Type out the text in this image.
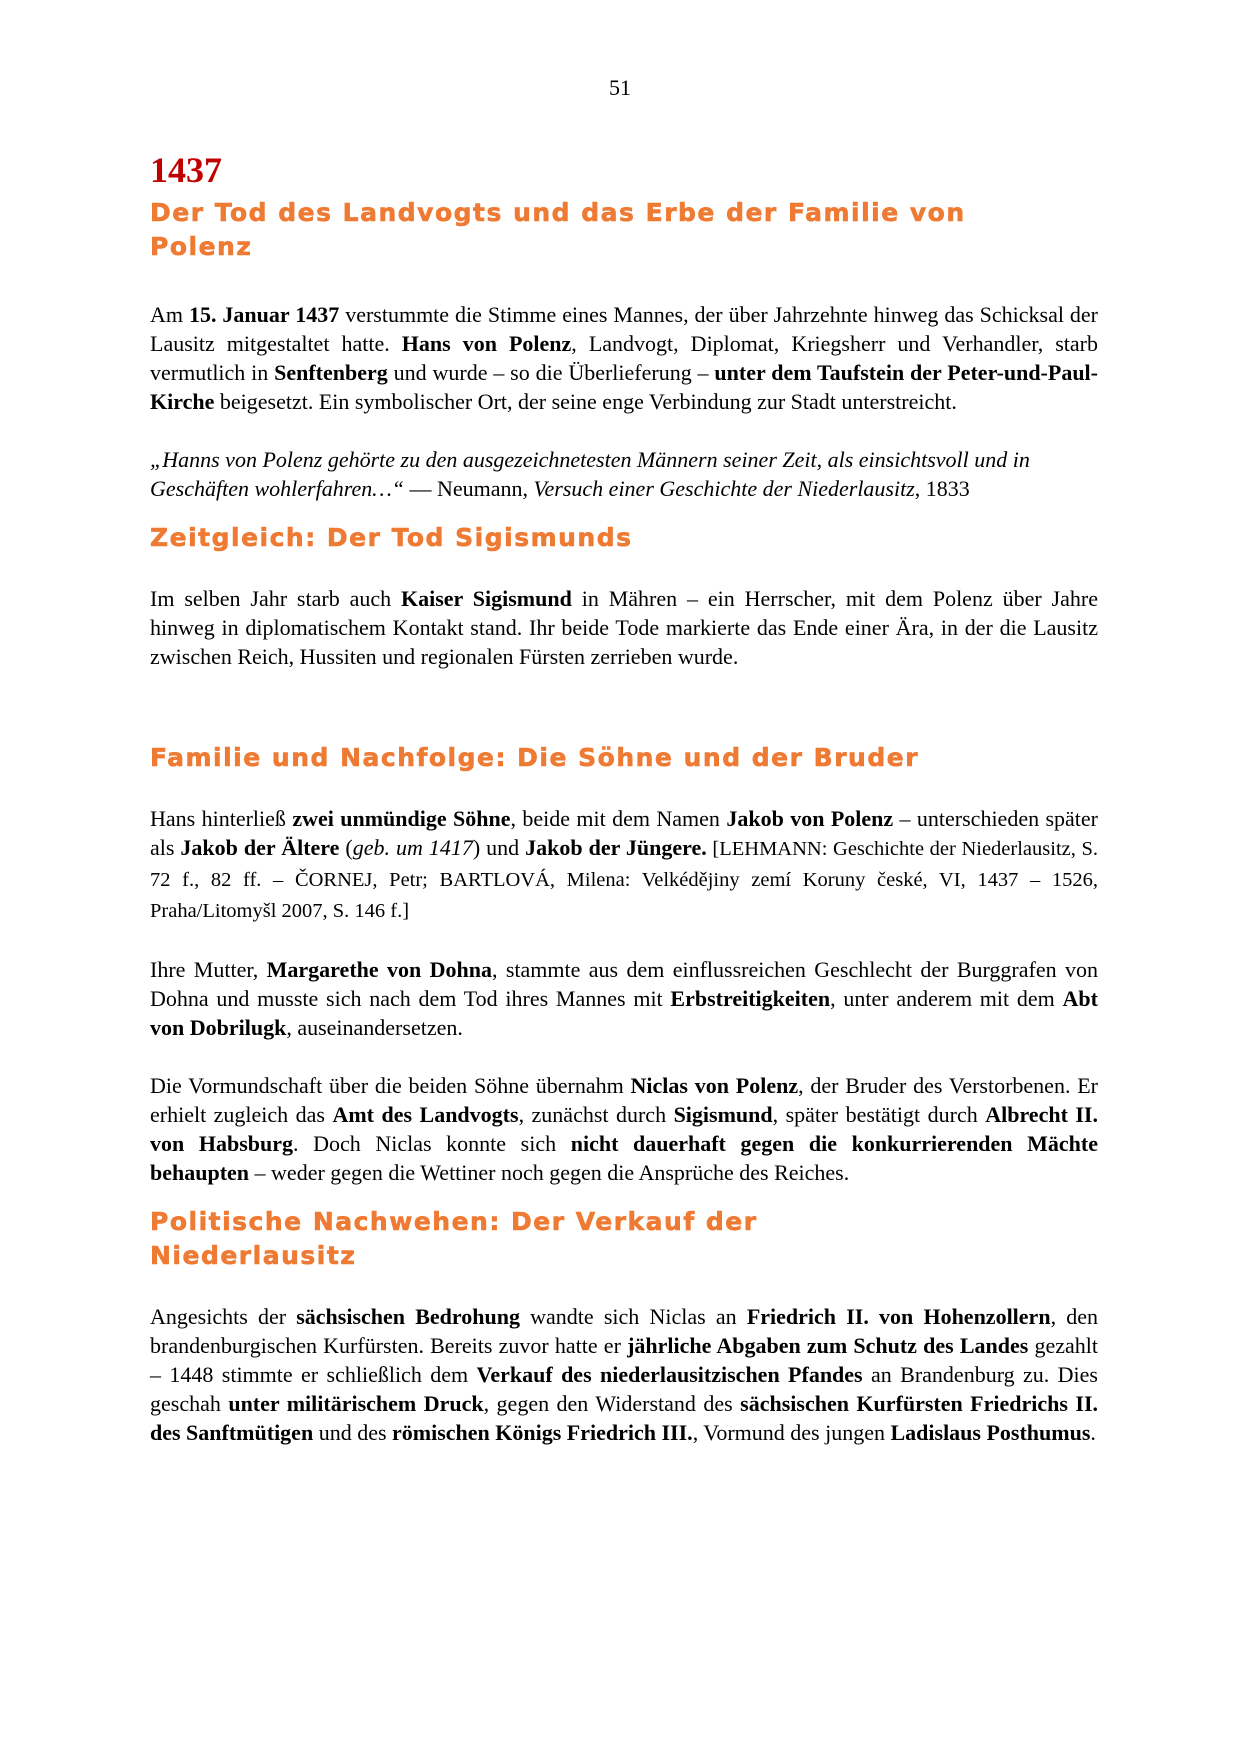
51
1437
Der Tod des Landvogts und das Erbe der Familie von Polenz

Am 15. Januar 1437 verstummte die Stimme eines Mannes, der über Jahrzehnte hinweg das Schicksal der Lausitz mitgestaltet hatte. Hans von Polenz, Landvogt, Diplomat, Kriegsherr und Verhandler, starb vermutlich in Senftenberg und wurde – so die Überlieferung – unter dem Taufstein der Peter-und-Paul-Kirche beigesetzt. Ein symbolischer Ort, der seine enge Verbindung zur Stadt unterstreicht.

„Hanns von Polenz gehörte zu den ausgezeichnetesten Männern seiner Zeit, als einsichtsvoll und in Geschäften wohlerfahren…“ — Neumann, Versuch einer Geschichte der Niederlausitz, 1833

Zeitgleich: Der Tod Sigismunds

Im selben Jahr starb auch Kaiser Sigismund in Mähren – ein Herrscher, mit dem Polenz über Jahre hinweg in diplomatischem Kontakt stand. Ihr beide Tode markierte das Ende einer Ära, in der die Lausitz zwischen Reich, Hussiten und regionalen Fürsten zerrieben wurde.

Familie und Nachfolge: Die Söhne und der Bruder

Hans hinterließ zwei unmündige Söhne, beide mit dem Namen Jakob von Polenz – unterschieden später als Jakob der Ältere (geb. um 1417) und Jakob der Jüngere. [LEHMANN: Geschichte der Niederlausitz, S. 72 f., 82 ff. – ČORNEJ, Petr; BARTLOVÁ, Milena: Velkédějiny zemí Koruny české, VI, 1437 – 1526, Praha/Litomyšl 2007, S. 146 f.]

Ihre Mutter, Margarethe von Dohna, stammte aus dem einflussreichen Geschlecht der Burggrafen von Dohna und musste sich nach dem Tod ihres Mannes mit Erbstreitigkeiten, unter anderem mit dem Abt von Dobrilugk, auseinandersetzen.

Die Vormundschaft über die beiden Söhne übernahm Niclas von Polenz, der Bruder des Verstorbenen. Er erhielt zugleich das Amt des Landvogts, zunächst durch Sigismund, später bestätigt durch Albrecht II. von Habsburg. Doch Niclas konnte sich nicht dauerhaft gegen die konkurrierenden Mächte behaupten – weder gegen die Wettiner noch gegen die Ansprüche des Reiches.

Politische Nachwehen: Der Verkauf der Niederlausitz

Angesichts der sächsischen Bedrohung wandte sich Niclas an Friedrich II. von Hohenzollern, den brandenburgischen Kurfürsten. Bereits zuvor hatte er jährliche Abgaben zum Schutz des Landes gezahlt – 1448 stimmte er schließlich dem Verkauf des niederlausitzischen Pfandes an Brandenburg zu. Dies geschah unter militärischem Druck, gegen den Widerstand des sächsischen Kurfürsten Friedrichs II. des Sanftmütigen und des römischen Königs Friedrich III., Vormund des jungen Ladislaus Posthumus.
